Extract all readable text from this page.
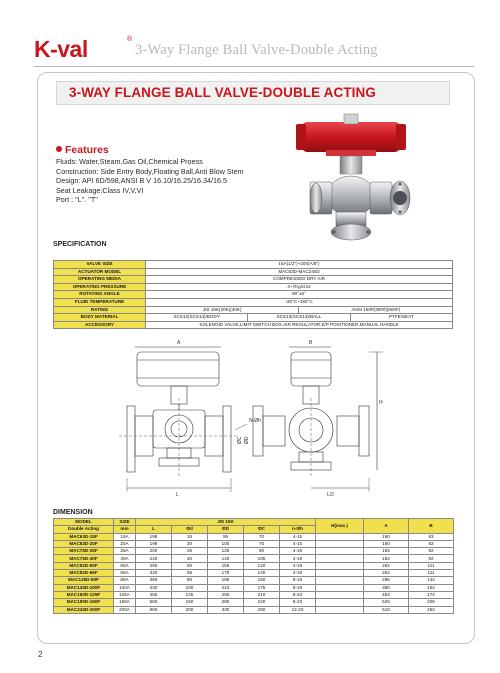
K-val	®
3-Way Flange Ball Valve-Double Acting
3-WAY FLANGE BALL VALVE-DOUBLE ACTING
Features
Fluids: Water,Steam,Gas Oil,Chemical Proess
Construction: Side Entry Body,Floating Ball,Anti Blow Stem
Design: API 6D/598,ANSI B V 16.10/16.25/16.34/16.5
Seat Leakage:Class IV,V,VI
Port : "L". "T"
SPECIFICATION
VALVE SIZE	15A(1/2")~200(A/8")			
ACTUATOR MODEL	MAC63D-MAC240D			
OPERATING MEDIA	COMPRESSED DRY AIR			
OPERATING PRESSURE	4~7Kg/cm2			
ROTATING ANGLE	90°±5°			
FLUID TEMPERATURE	-20°C~150°C			
RATING	JIS 10K(20K)(40K)		ANSI 150#(300#)(600#)	
BODY MATERIAL	SCS13(SCS14)/BODY	SCS13(SCS14)/BALL		PTFE/SEAT
ACCESSORY	SOLENOID VALVE,LIMIT SWITCH BOX,AIR REGULATOR,E/P POSITIONER,MANUAL HANDLE			
A
L
B
L/2
H
N-Øh
ØC ØD
DIMENSION
MODEL	SIZE	JIS 10K					H(max.)	A	B
Double Acting	mm	L	Φd	ΦD	ΦC	n-Φh			
MAC63D-15F	15A	198	15	95	70	4-15		160	83
MAC63D-20F	20A	198	20	100	75	4-15		160	83
MAC75D-25F	25A	200	25	125	90	4-19		184	92
MAC75D-40F	40A	240	40	140	105	4-19		184	92
MAC92D-50F	50A	260	50	155	120	4-19		262	111
MAC92D-65F	65A	320	65	175	140	4-19		262	111
MAC125D-80F	80A	360	80	185	150	8-19		296	142
MAC140D-100F	100A	430	100	210	175	8-19		390	152
MAC160D-125F	125A	450	125	250	210	8-23		454	174
MAC190D-150F	150A	560	150	280	240	8-23		525	206
MAC240D-200F	200A	660	200	330	290	12-23		610	262
2
